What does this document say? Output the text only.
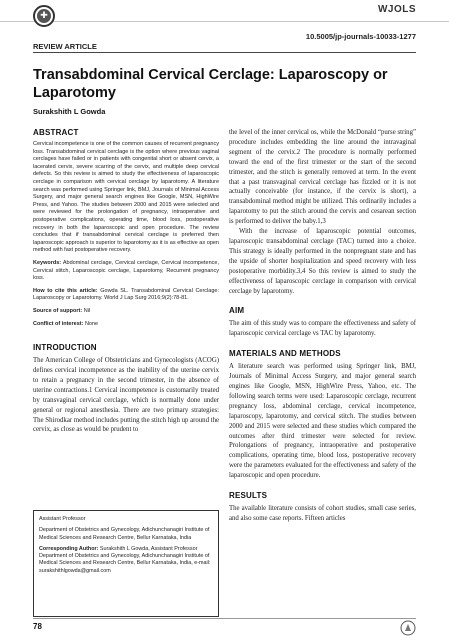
✚
WJOLS
10.5005/jp-journals-10033-1277
REVIEW ARTICLE
Transabdominal Cervical Cerclage: Laparoscopy or Laparotomy
Surakshith L Gowda
ABSTRACT

Cervical incompetence is one of the common causes of recurrent pregnancy loss. Transabdominal cervical cerclage is the option where previous vaginal cerclages have failed or in patients with congenital short or absent cervix, a lacerated cervix, severe scarring of the cervix, and multiple deep cervical defects. So this review is aimed to study the effectiveness of laparoscopic cerclage in comparison with cervical cerclage by laparotomy. A literature search was performed using Springer link, BMJ, Journals of Minimal Access Surgery, and major general search engines like Google, MSN, HighWire Press, and Yahoo. The studies between 2000 and 2015 were selected and were reviewed for the prolongation of pregnancy, intraoperative and postoperative complications, operating time, blood loss, postoperative recovery in both the laparoscopic and open procedure. The review concludes that if transabdominal cervical cerclage is preferred then laparoscopic approach is superior to laparotomy as it is as effective as open method with fast postoperative recovery.

Keywords: Abdominal cerclage, Cervical cerclage, Cervical incompetence, Cervical stitch, Laparoscopic cerclage, Laparotomy, Recurrent pregnancy loss.

How to cite this article: Gowda SL. Transabdominal Cervical Cerclage: Laparoscopy or Laparotomy. World J Lap Surg 2016;9(2):78-81.

Source of support: Nil

Conflict of interest: None

INTRODUCTION

The American College of Obstetricians and Gynecologists (ACOG) defines cervical incompetence as the inability of the uterine cervix to retain a pregnancy in the second trimester, in the absence of uterine contractions.1 Cervical incompetence is customarily treated by transvaginal cervical cerclage, which is normally done under general or regional anesthesia. There are two primary strategies: The Shirodkar method includes putting the stitch high up around the cervix, as close as would be prudent to

Assistant Professor

Department of Obstetrics and Gynecology, Adichunchanagiri Institute of Medical Sciences and Research Centre, Bellur Karnataka, India

Corresponding Author: Surakshith L Gowda, Assistant Professor Department of Obstetrics and Gynecology, Adichunchanagiri Institute of Medical Sciences and Research Centre, Bellur Karnataka, India, e-mail: surakshithlgowda@gmail.com

the level of the inner cervical os, while the McDonald “purse string” procedure includes embedding the line around the intravaginal segment of the cervix.2 The procedure is normally performed toward the end of the first trimester or the start of the second trimester, and the stitch is generally removed at term. In the event that a past transvaginal cervical cerclage has fizzled or it is not actually conceivable (for instance, if the cervix is short), a transabdominal method might be utilized. This ordinarily includes a laparotomy to put the stitch around the cervix and cesarean section is performed to deliver the baby.1,3

With the increase of laparoscopic potential outcomes, laparoscopic transabdominal cerclage (TAC) turned into a choice. This strategy is ideally performed in the nonpregnant state and has the upside of shorter hospitalization and speed recovery with less postoperative morbidity.3,4 So this review is aimed to study the effectiveness of laparoscopic cerclage in comparison with cervical cerclage by laparotomy.

AIM

The aim of this study was to compare the effectiveness and safety of laparoscopic cervical cerclage vs TAC by laparotomy.

MATERIALS AND METHODS

A literature search was performed using Springer link, BMJ, Journals of Minimal Access Surgery, and major general search engines like Google, MSN, HighWire Press, Yahoo, etc. The following search terms were used: Laparoscopic cerclage, recurrent pregnancy loss, abdominal cerclage, cervical incompetence, laparoscopy, laparotomy, and cervical stitch. The studies between 2000 and 2015 were selected and these studies which compared the outcomes after third trimester were selected for review. Prolongations of pregnancy, intraoperative and postoperative complications, operating time, blood loss, postoperative recovery were the parameters evaluated for the effectiveness and safety of the laparoscopic and open procedure.

RESULTS

The available literature consists of cohort studies, small case series, and also some case reports. Fifteen articles

78
